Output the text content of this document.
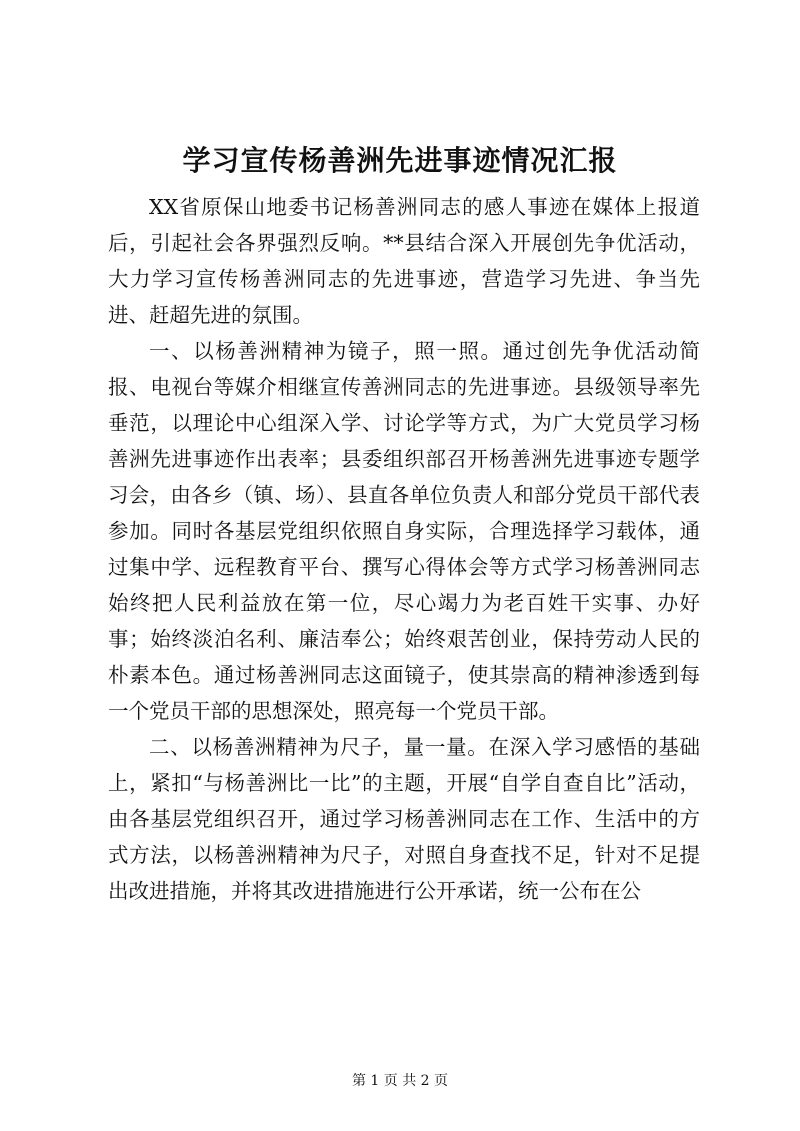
学习宣传杨善洲先进事迹情况汇报

XX省原保山地委书记杨善洲同志的感人事迹在媒体上报道后，引起社会各界强烈反响。**县结合深入开展创先争优活动，大力学习宣传杨善洲同志的先进事迹，营造学习先进、争当先进、赶超先进的氛围。

一、以杨善洲精神为镜子，照一照。通过创先争优活动简报、电视台等媒介相继宣传善洲同志的先进事迹。县级领导率先垂范，以理论中心组深入学、讨论学等方式，为广大党员学习杨善洲先进事迹作出表率；县委组织部召开杨善洲先进事迹专题学习会，由各乡（镇、场）、县直各单位负责人和部分党员干部代表参加。同时各基层党组织依照自身实际，合理选择学习载体，通过集中学、远程教育平台、撰写心得体会等方式学习杨善洲同志始终把人民利益放在第一位，尽心竭力为老百姓干实事、办好事；始终淡泊名利、廉洁奉公；始终艰苦创业，保持劳动人民的朴素本色。通过杨善洲同志这面镜子，使其崇高的精神渗透到每一个党员干部的思想深处，照亮每一个党员干部。

二、以杨善洲精神为尺子，量一量。在深入学习感悟的基础上，紧扣“与杨善洲比一比”的主题，开展“自学自查自比”活动，由各基层党组织召开，通过学习杨善洲同志在工作、生活中的方式方法，以杨善洲精神为尺子，对照自身查找不足，针对不足提出改进措施，并将其改进措施进行公开承诺，统一公布在公

第 1 页 共 2 页
